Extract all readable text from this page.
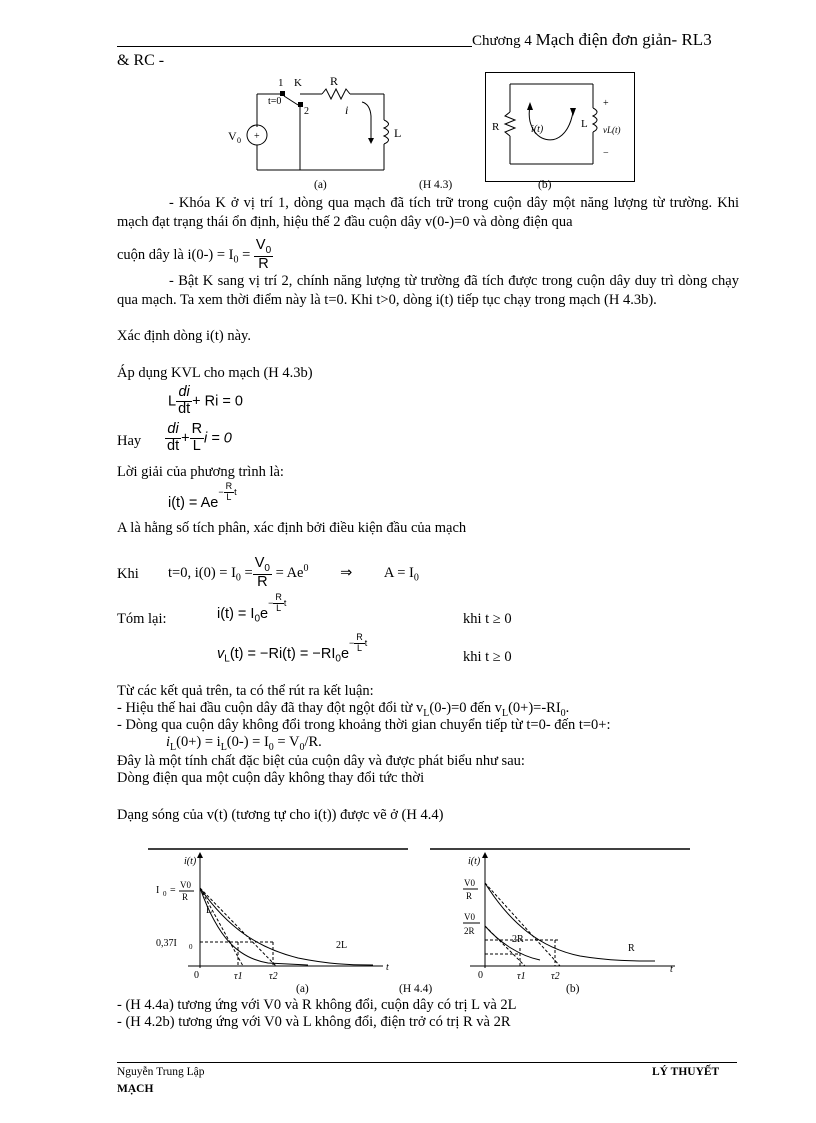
Chương 4 Mạch điện đơn giản- RL3
& RC -
+
−
V 0
1 K R
t=0
2	i
L	R	i(t)	L
+
vL(t)
−
(a)	(H 4.3)	(b)
- Khóa K ở vị trí 1, dòng qua mạch đã tích trữ trong cuộn dây một năng lượng từ trường. Khi mạch đạt trạng thái ổn định, hiệu thế 2 đầu cuộn dây v(0-)=0 và dòng điện qua
cuộn dây là $i(0-) = I_0 = \frac{V_0}{R}$
- Bật K sang vị trí 2, chính năng lượng từ trường đã tích được trong cuộn dây duy trì dòng chạy qua mạch. Ta xem thời điểm này là t=0. Khi t>0, dòng i(t) tiếp tục chạy trong mạch (H 4.3b).
Xác định dòng i(t) này.
Áp dụng KVL cho mạch (H 4.3b)
L $\frac{di}{dt} + Ri = 0$
Hay $\frac{di}{dt} + \frac{R}{L}$ i = 0
Lời giải của phương trình là:
$i(t) = Ae^{- \frac{R}{L} t}$
A là hằng số tích phân, xác định bởi điều kiện đầu của mạch
Khi t=0, $i(0) = I_0 = \frac{V_0}{R} = Ae^0$ ⇒ $A = I_0$
Tóm lại:	$i(t) = I_0e^{- \frac{R}{L} t}$
khi t ≥ 0
$v_L(t) = -Ri(t) = -RI_0e^{- \frac{R}{L} t}$
khi t ≥ 0
Từ các kết quả trên, ta có thể rút ra kết luận:
- Hiệu thế hai đầu cuộn dây đã thay đột ngột đổi từ $v_L(0-)=0$ đến $v_L(0+)=-RI_0$.
- Dòng qua cuộn dây không đổi trong khoảng thời gian chuyển tiếp từ t=0- đến t=0+:
$i_L(0+) = i_L(0-) = I_0 = V_0/R$.
Đây là một tính chất đặc biệt của cuộn dây và được phát biểu như sau:
Dòng điện qua một cuộn dây không thay đổi tức thời
Dạng sóng của v(t) (tương tự cho i(t)) được vẽ ở (H 4.4)
i(t)
I 0 = V0
R
L
2L
0,37I 0
0	τ1	τ2
t
i(t)
V0
R
V0
2R
2R
R
0	τ1	τ2
t
(a)	(H 4.4)	(b)
- (H 4.4a) tương ứng với V0 và R không đổi, cuộn dây có trị L và 2L
- (H 4.2b) tương ứng với V0 và L không đổi, điện trở có trị R và 2R
Nguyễn Trung Lập	LÝ THUYẾT
MẠCH
